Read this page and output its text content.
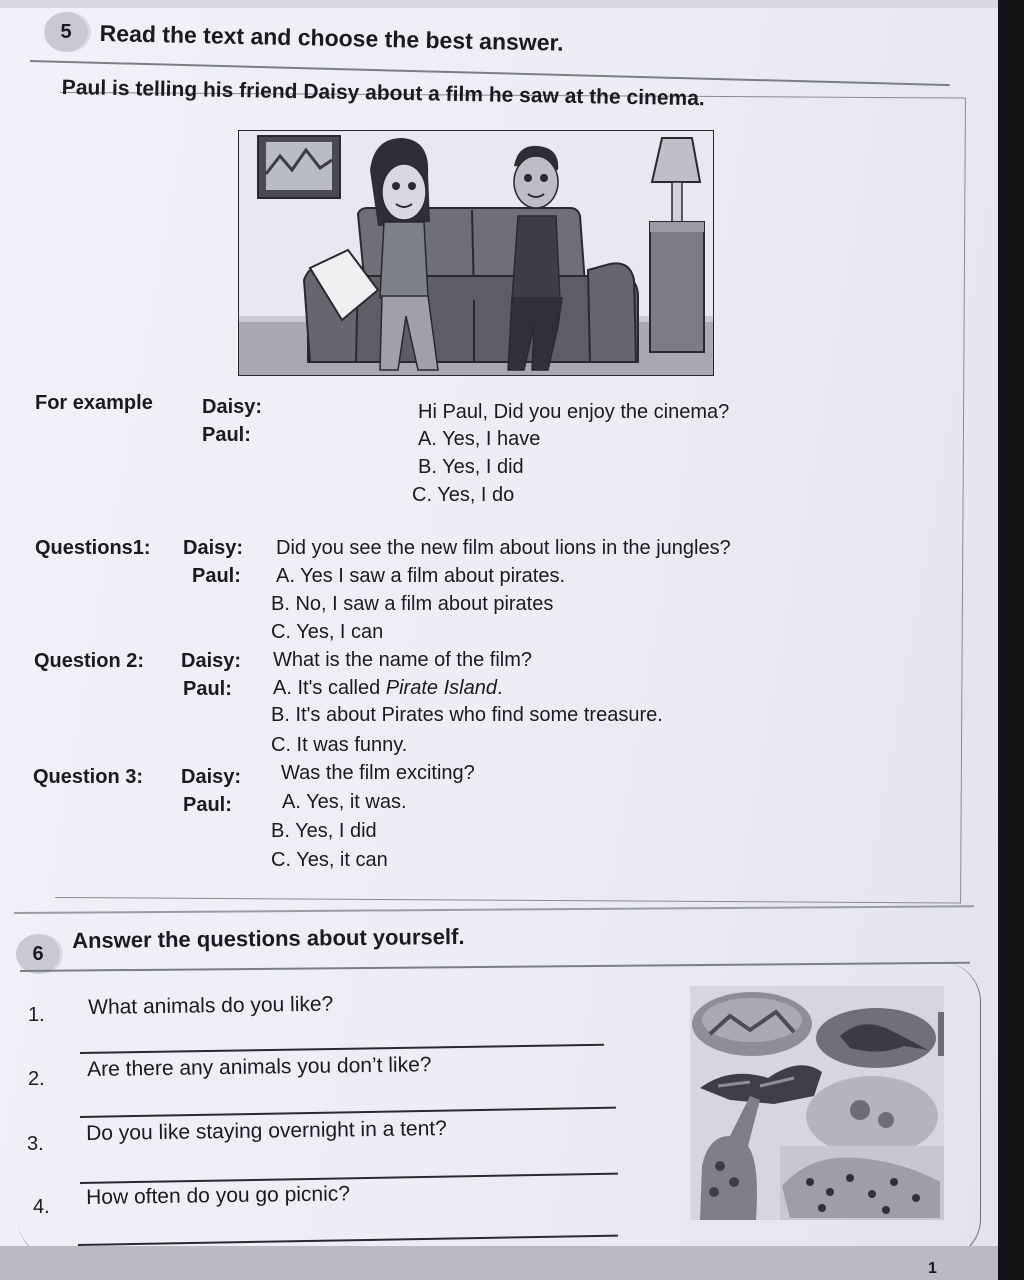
5 Read the text and choose the best answer.
Paul is telling his friend Daisy about a film he saw at the cinema.
For example Daisy:
Paul:
Hi Paul, Did you enjoy the cinema?
A. Yes, I have
B. Yes, I did
C. Yes, I do
Questions1: Daisy: Did you see the new film about lions in the jungles?
Paul: A. Yes I saw a film about pirates.
B. No, I saw a film about pirates
C. Yes, I can
Question 2: Daisy: What is the name of the film?
Paul: A. It's called Pirate Island.
B. It's about Pirates who find some treasure.
C. It was funny.
Question 3: Daisy: Was the film exciting?
Paul:	A. Yes, it was.
B. Yes, I did
C. Yes, it can
6
Answer the questions about yourself.
1. What animals do you like?
2. Are there any animals you don’t like?
3. Do you like staying overnight in a tent?
4. How often do you go picnic?
1
